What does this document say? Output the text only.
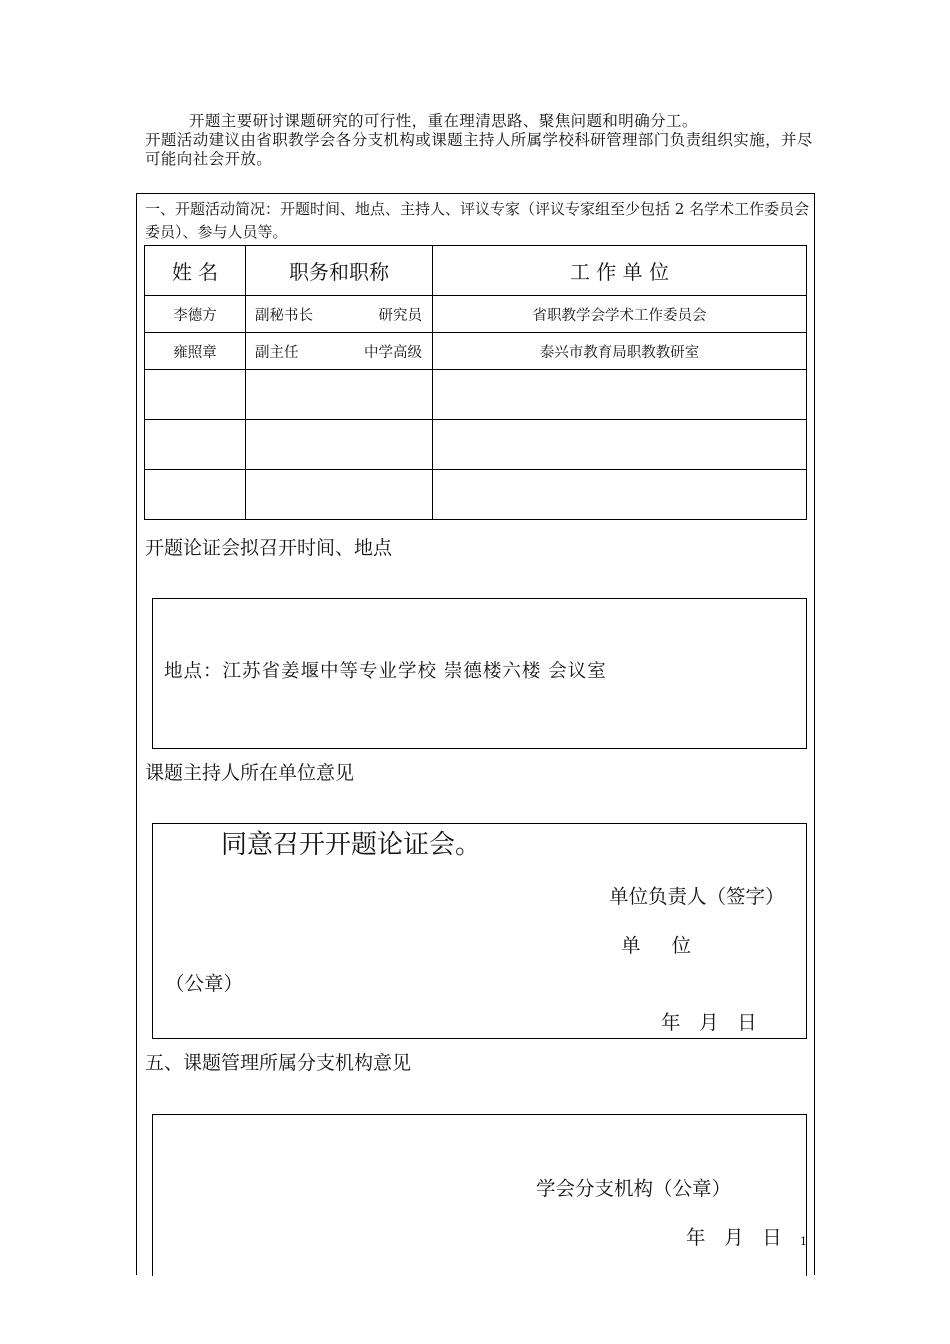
开题主要研讨课题研究的可行性，重在理清思路、聚焦问题和明确分工。

开题活动建议由省职教学会各分支机构或课题主持人所属学校科研管理部门负责组织实施，并尽可能向社会开放。

一、开题活动简况：开题时间、地点、主持人、评议专家（评议专家组至少包括 2 名学术工作委员会委员）、参与人员等。
姓 名	职务和职称	工 作 单 位
李德方	副秘书长 研究员	省职教学会学术工作委员会
雍照章	副主任 中学高级	泰兴市教育局职教教研室

开题论证会拟召开时间、地点
地点：江苏省姜堰中等专业学校 崇德楼六楼 会议室
课题主持人所在单位意见
同意召开开题论证会。
单位负责人（签字）
单     位
（公章）
年   月   日
五、课题管理所属分支机构意见
学会分支机构（公章）
年   月   日 1
